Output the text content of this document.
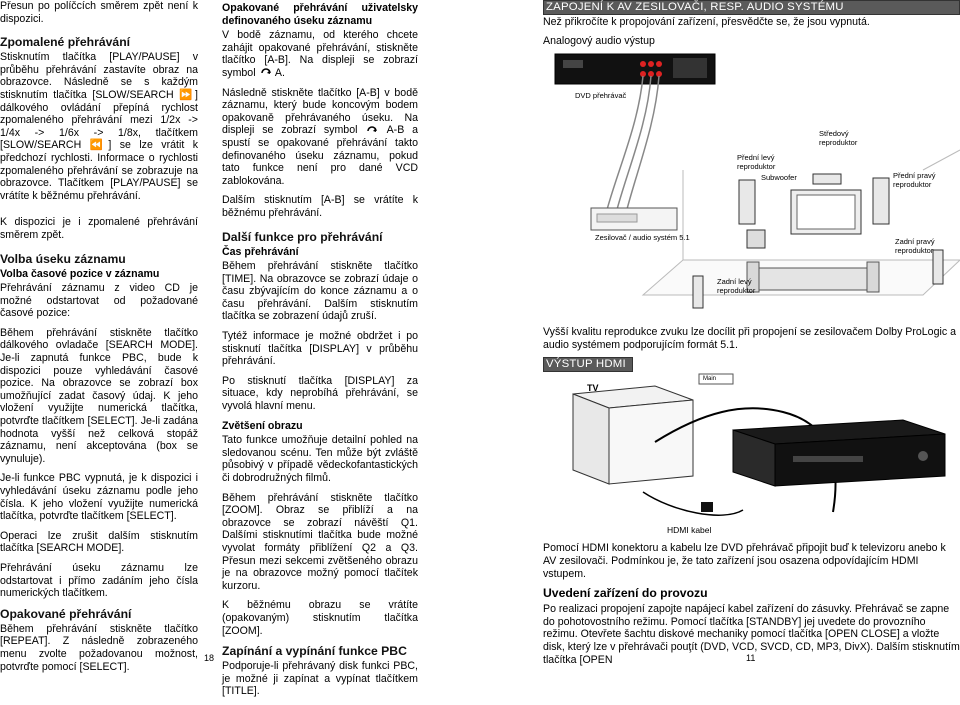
Přesun po políčcích směrem zpět není k dispozici.

Zpomalené přehrávání

Stisknutím tlačítka [PLAY/PAUSE] v průběhu přehrávání zastavíte obraz na obrazovce. Následně se s každým stisknutím tlačítka [SLOW/SEARCH ⏩] dálkového ovládání přepíná rychlost zpomaleného přehrávání mezi 1/2x -> 1/4x -> 1/6x -> 1/8x, tlačítkem [SLOW/SEARCH ⏪] se lze vrátit k předchozí rychlosti. Informace o rychlosti zpomaleného přehrávání se zobrazuje na obrazovce. Tlačítkem [PLAY/PAUSE] se vrátíte k běžnému přehrávání.

K dispozici je i zpomalené přehrávání směrem zpět.

Volba úseku záznamu
Volba časové pozice v záznamu

Přehrávání záznamu z video CD je možné odstartovat od požadované časové pozice:

Během přehrávání stiskněte tlačítko dálkového ovladače [SEARCH MODE]. Je-li zapnutá funkce PBC, bude k dispozici pouze vyhledávání časové pozice. Na obrazovce se zobrazí box umožňující zadat časový údaj. K jeho vložení využijte numerická tlačítka, potvrďte tlačítkem [SELECT]. Je-li zadána hodnota vyšší než celková stopáž záznamu, není akceptována (box se vynuluje).

Je-li funkce PBC vypnutá, je k dispozici i vyhledávání úseku záznamu podle jeho čísla. K jeho vložení využijte numerická tlačítka, potvrďte tlačítkem [SELECT].

Operaci lze zrušit dalším stisknutím tlačítka [SEARCH MODE].

Přehrávání úseku záznamu lze odstartovat i přímo zadáním jeho čísla numerických tlačítkem.

Opakované přehrávání

Během přehrávání stiskněte tlačítko [REPEAT]. Z následně zobrazeného menu zvolte požadovanou možnost, potvrďte pomocí [SELECT].

18
Opakované přehrávání uživatelsky definovaného úseku záznamu

V bodě záznamu, od kterého chcete zahájit opakované přehrávání, stiskněte tlačítko [A-B]. Na displeji se zobrazí symbol A.

Následně stiskněte tlačítko [A-B] v bodě záznamu, který bude koncovým bodem opakovaně přehrávaného úseku. Na displeji se zobrazí symbol	A-B a spustí se opakované přehrávání takto definovaného úseku záznamu, pokud tato funkce není pro dané VCD zablokována.

Dalším stisknutím [A-B] se vrátíte k běžnému přehrávání.

Další funkce pro přehrávání
Čas přehrávání

Během přehrávání stiskněte tlačítko [TIME]. Na obrazovce se zobrazí údaje o času zbývajícím do konce záznamu a o času přehrávání. Dalším stisknutím tlačítka se zobrazení údajů zruší.

Tytéž informace je možné obdržet i po stisknutí tlačítka [DISPLAY] v průběhu přehrávání.

Po stisknutí tlačítka [DISPLAY] za situace, kdy neprobíhá přehrávání, se vyvolá hlavní menu.

Zvětšení obrazu

Tato funkce umožňuje detailní pohled na sledovanou scénu. Ten může být zvláště působivý v případě vědeckofantastických či dobrodružných filmů.

Během přehrávání stiskněte tlačítko [ZOOM]. Obraz se přiblíží a na obrazovce se zobrazí návěští Q1. Dalšími stisknutími tlačítka bude možné vyvolat formáty přiblížení Q2 a Q3. Přesun mezi sekcemi zvětšeného obrazu je na obrazovce možný pomocí tlačítek kurzoru.

K běžnému obrazu se vrátíte (opakovaným) stisknutím tlačítka [ZOOM].

Zapínání a vypínání funkce PBC

Podporuje-li přehrávaný disk funkci PBC, je možné ji zapínat a vypínat tlačítkem [TITLE].

ZAPOJENÍ K AV ZESILOVAČI, RESP. AUDIO SYSTÉMU
Než přikročíte k propojování zařízení, přesvědčte se, že jsou vypnutá.
Analogový audio výstup
DVD přehrávač
Zesilovač / audio systém 5.1
Přední levý reproduktor
Středový reproduktor
Přední pravý reproduktor
Subwoofer
Zadní levý reproduktor
Zadní pravý reproduktor

Vyšší kvalitu reprodukce zvuku lze docílit při propojení se zesilovačem Dolby ProLogic a audio systémem podporujícím formát 5.1.

VÝSTUP HDMI
TV
Main
HDMI kabel

Pomocí HDMI konektoru a kabelu lze DVD přehrávač připojit buď k televizoru anebo k AV zesilovači. Podmínkou je, že tato zařízení jsou osazena odpovídajícím HDMI vstupem.

Uvedení zařízení do provozu

Po realizaci propojení zapojte napájecí kabel zařízení do zásuvky. Přehrávač se zapne do pohotovostního režimu. Pomocí tlačítka [STANDBY] jej uvedete do provozního režimu. Otevřete šachtu diskové mechaniky pomocí tlačítka [OPEN CLOSE] a vložte disk, který lze v přehrávači pouţít (DVD, VCD, SVCD, CD, MP3, DivX). Dalším stisknutím tlačítka [OPEN	11
